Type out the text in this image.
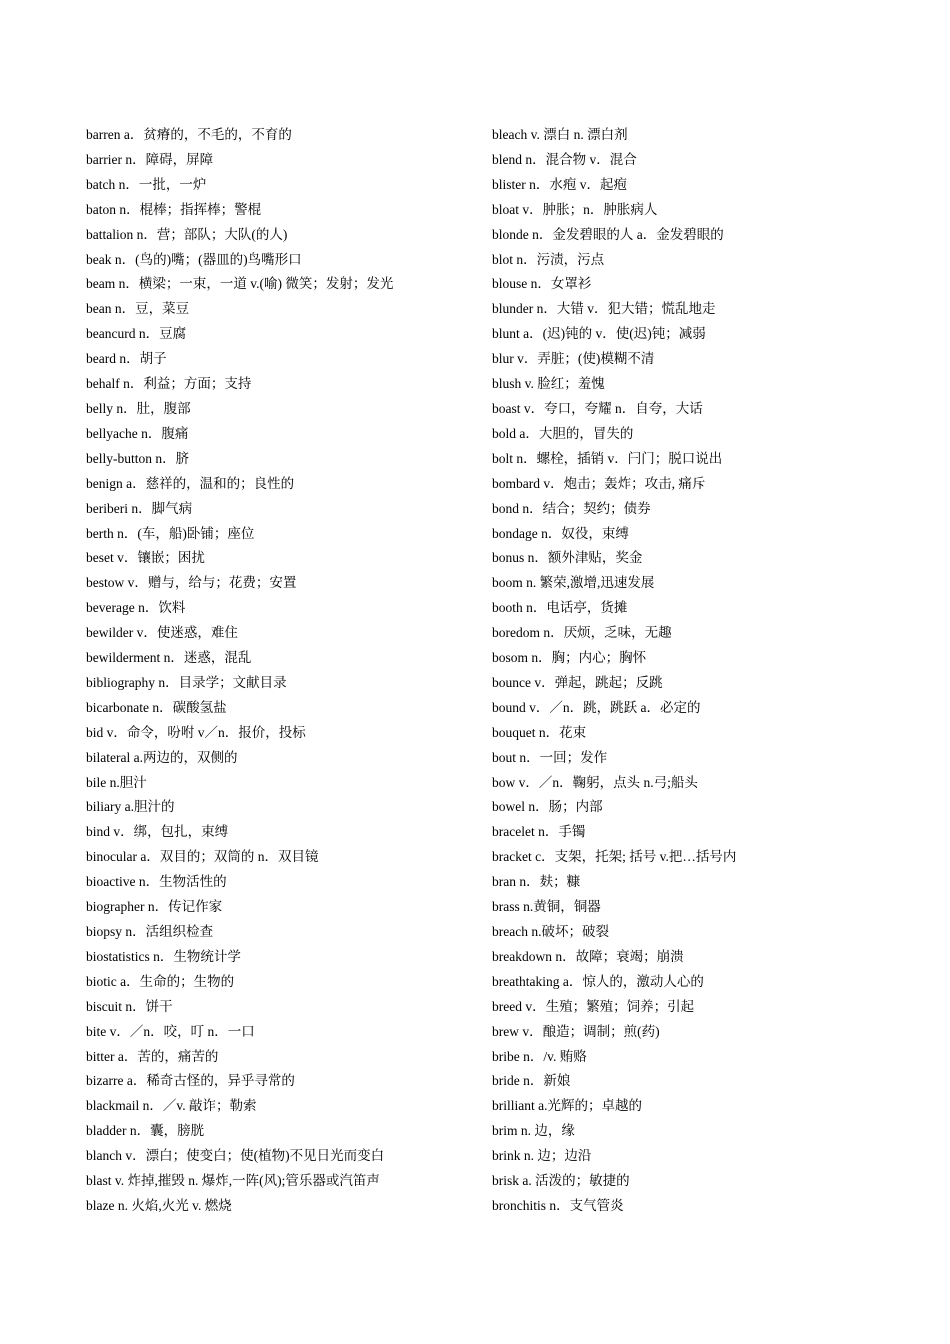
barren a．贫瘠的，不毛的，不育的
barrier n．障碍，屏障
batch n．一批，一炉
baton n．棍棒；指挥棒；警棍
battalion n．营；部队；大队(的人)
beak n．(鸟的)嘴；(器皿的)鸟嘴形口
beam n．横梁；一束，一道 v.(喻) 微笑；发射；发光
bean n．豆，菜豆
beancurd n．豆腐
beard n．胡子
behalf n．利益；方面；支持
belly n．肚，腹部
bellyache n．腹痛
belly-button n．脐
benign a．慈祥的，温和的；良性的
beriberi n．脚气病
berth n．(车，船)卧铺；座位
beset v．镶嵌；困扰
bestow v．赠与，给与；花费；安置
beverage n．饮料
bewilder v．使迷惑，难住
bewilderment n．迷惑，混乱
bibliography n．目录学；文献目录
bicarbonate n．碳酸氢盐
bid v．命令，吩咐 v／n．报价，投标
bilateral a.两边的，双侧的
bile n.胆汁
biliary a.胆汁的
bind v．绑，包扎，束缚
binocular a．双目的；双筒的 n．双目镜
bioactive n．生物活性的
biographer n．传记作家
biopsy n．活组织检查
biostatistics n．生物统计学
biotic a．生命的；生物的
biscuit n．饼干
bite v．／n．咬，叮 n．一口
bitter a．苦的，痛苦的
bizarre a．稀奇古怪的，异乎寻常的
blackmail n．／v. 敲诈；勒索
bladder n．囊，膀胱
blanch v．漂白；使变白；使(植物)不见日光而变白
blast v. 炸掉,摧毁 n. 爆炸,一阵(风);管乐器或汽笛声
blaze n. 火焰,火光 v. 燃烧
bleach v. 漂白 n. 漂白剂
blend n．混合物 v．混合
blister n．水疱 v．起疱
bloat v．肿胀；n．肿胀病人
blonde n．金发碧眼的人 a．金发碧眼的
blot n．污渍，污点
blouse n．女罩衫
blunder n．大错 v．犯大错；慌乱地走
blunt a．(迟)钝的 v．使(迟)钝；减弱
blur v．弄脏；(使)模糊不清
blush v. 脸红；羞愧
boast v．夸口，夸耀 n．自夸，大话
bold a．大胆的，冒失的
bolt n．螺栓，插销 v．闩门；脱口说出
bombard v．炮击；轰炸；攻击, 痛斥
bond n．结合；契约；债券
bondage n．奴役，束缚
bonus n．额外津贴，奖金
boom n. 繁荣,激增,迅速发展
booth n．电话亭，货摊
boredom n．厌烦，乏味，无趣
bosom n．胸；内心；胸怀
bounce v．弹起，跳起；反跳
bound v．／n．跳，跳跃 a．必定的
bouquet n．花束
bout n．一回；发作
bow v．／n．鞠躬，点头 n.弓;船头
bowel n．肠；内部
bracelet n．手镯
bracket c．支架，托架; 括号 v.把…括号内
bran n．麸；糠
brass n.黄铜，铜器
breach n.破坏；破裂
breakdown n．故障；衰竭；崩溃
breathtaking a．惊人的，激动人心的
breed v．生殖；繁殖；饲养；引起
brew v．酿造；调制；煎(药)
bribe n．/v. 贿赂
bride n．新娘
brilliant a.光辉的；卓越的
brim n. 边，缘
brink n. 边；边沿
brisk a. 活泼的；敏捷的
bronchitis n．支气管炎
